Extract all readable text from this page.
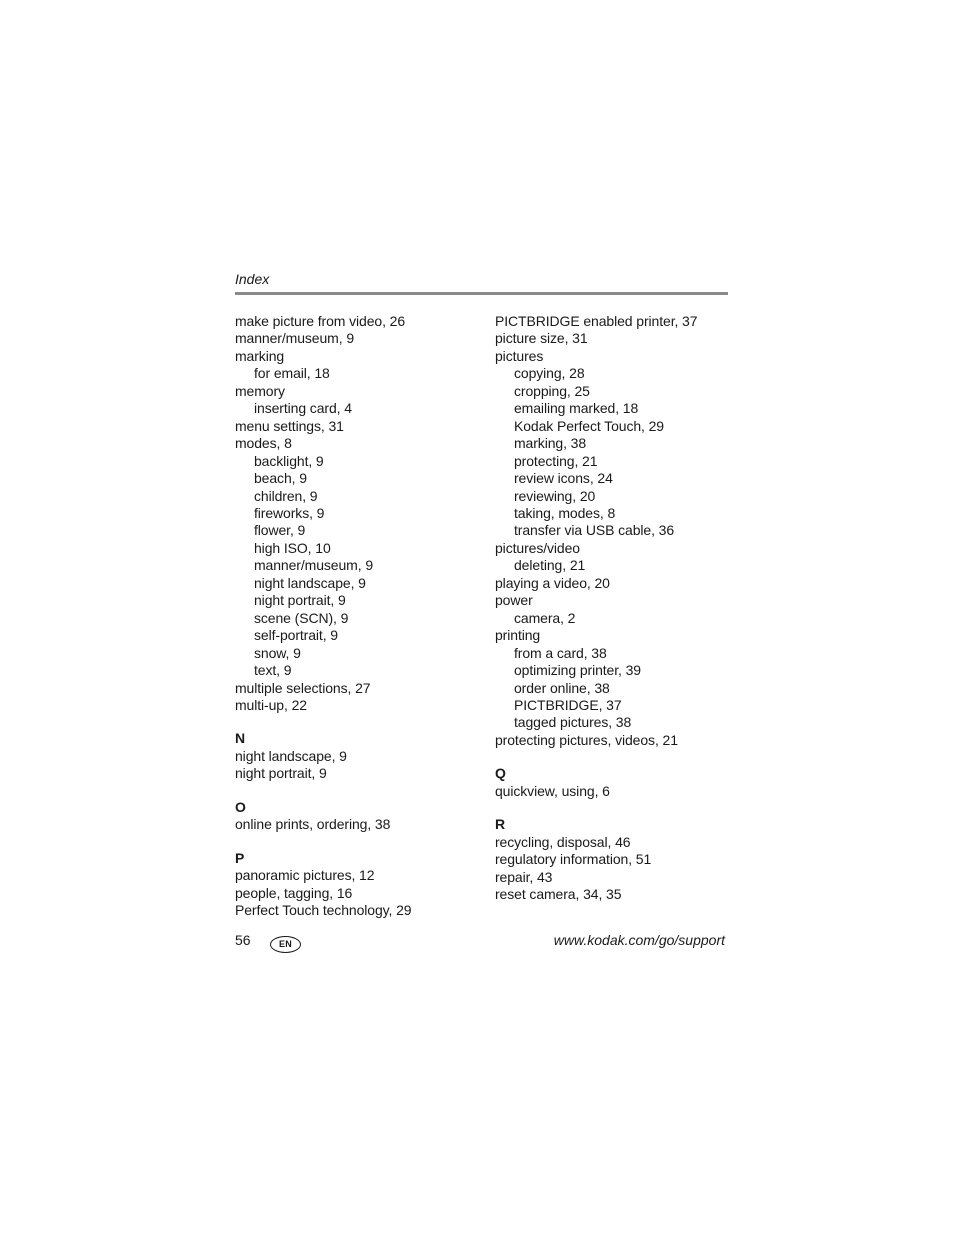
Index
make picture from video, 26
manner/museum, 9
marking
for email, 18
memory
inserting card, 4
menu settings, 31
modes, 8
backlight, 9
beach, 9
children, 9
fireworks, 9
flower, 9
high ISO, 10
manner/museum, 9
night landscape, 9
night portrait, 9
scene (SCN), 9
self-portrait, 9
snow, 9
text, 9
multiple selections, 27
multi-up, 22
N
night landscape, 9
night portrait, 9
O
online prints, ordering, 38
P
panoramic pictures, 12
people, tagging, 16
Perfect Touch technology, 29
PICTBRIDGE enabled printer, 37
picture size, 31
pictures
copying, 28
cropping, 25
emailing marked, 18
Kodak Perfect Touch, 29
marking, 38
protecting, 21
review icons, 24
reviewing, 20
taking, modes, 8
transfer via USB cable, 36
pictures/video
deleting, 21
playing a video, 20
power
camera, 2
printing
from a card, 38
optimizing printer, 39
order online, 38
PICTBRIDGE, 37
tagged pictures, 38
protecting pictures, videos, 21
Q
quickview, using, 6
R
recycling, disposal, 46
regulatory information, 51
repair, 43
reset camera, 34, 35
56	EN	www.kodak.com/go/support
